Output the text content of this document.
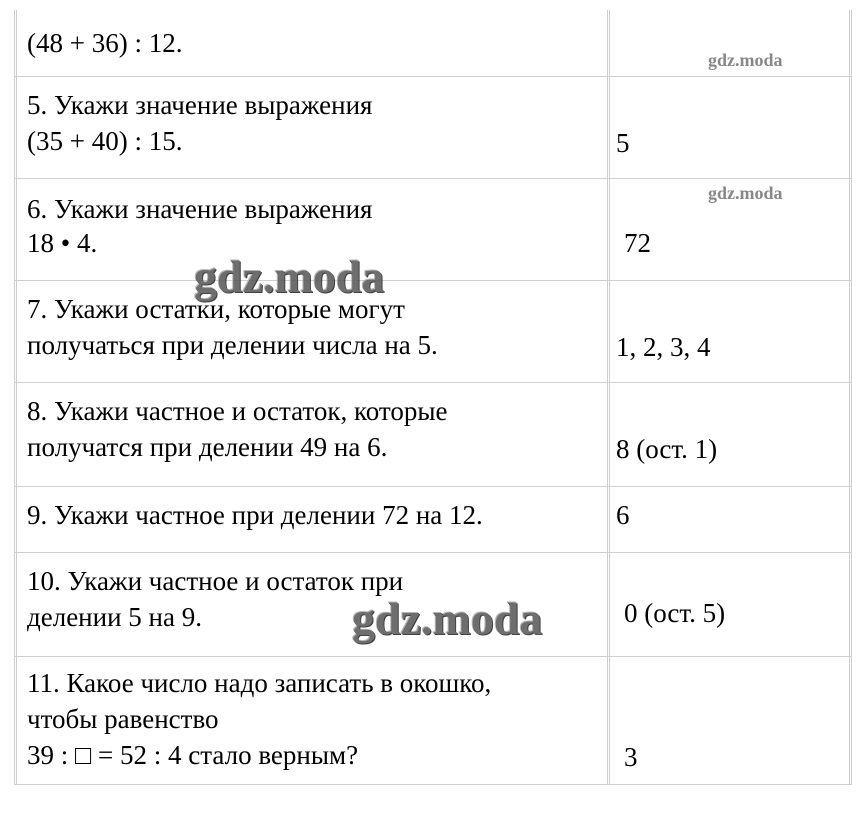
(48 + 36) : 12.
5. Укажи значение выражения
(35 + 40) : 15.	5
6. Укажи значение выражения
18 • 4.	72
7. Укажи остатки, которые могут
получаться при делении числа на 5.	1, 2, 3, 4
8. Укажи частное и остаток, которые
получатся при делении 49 на 6.	8 (ост. 1)
9. Укажи частное при делении 72 на 12.	6
10. Укажи частное и остаток при
делении 5 на 9.	0 (ост. 5)
11. Какое число надо записать в окошко,
чтобы равенство
39 : □ = 52 : 4 стало верным?	3
gdz.moda
gdz.moda
gdz.moda
gdz.moda
